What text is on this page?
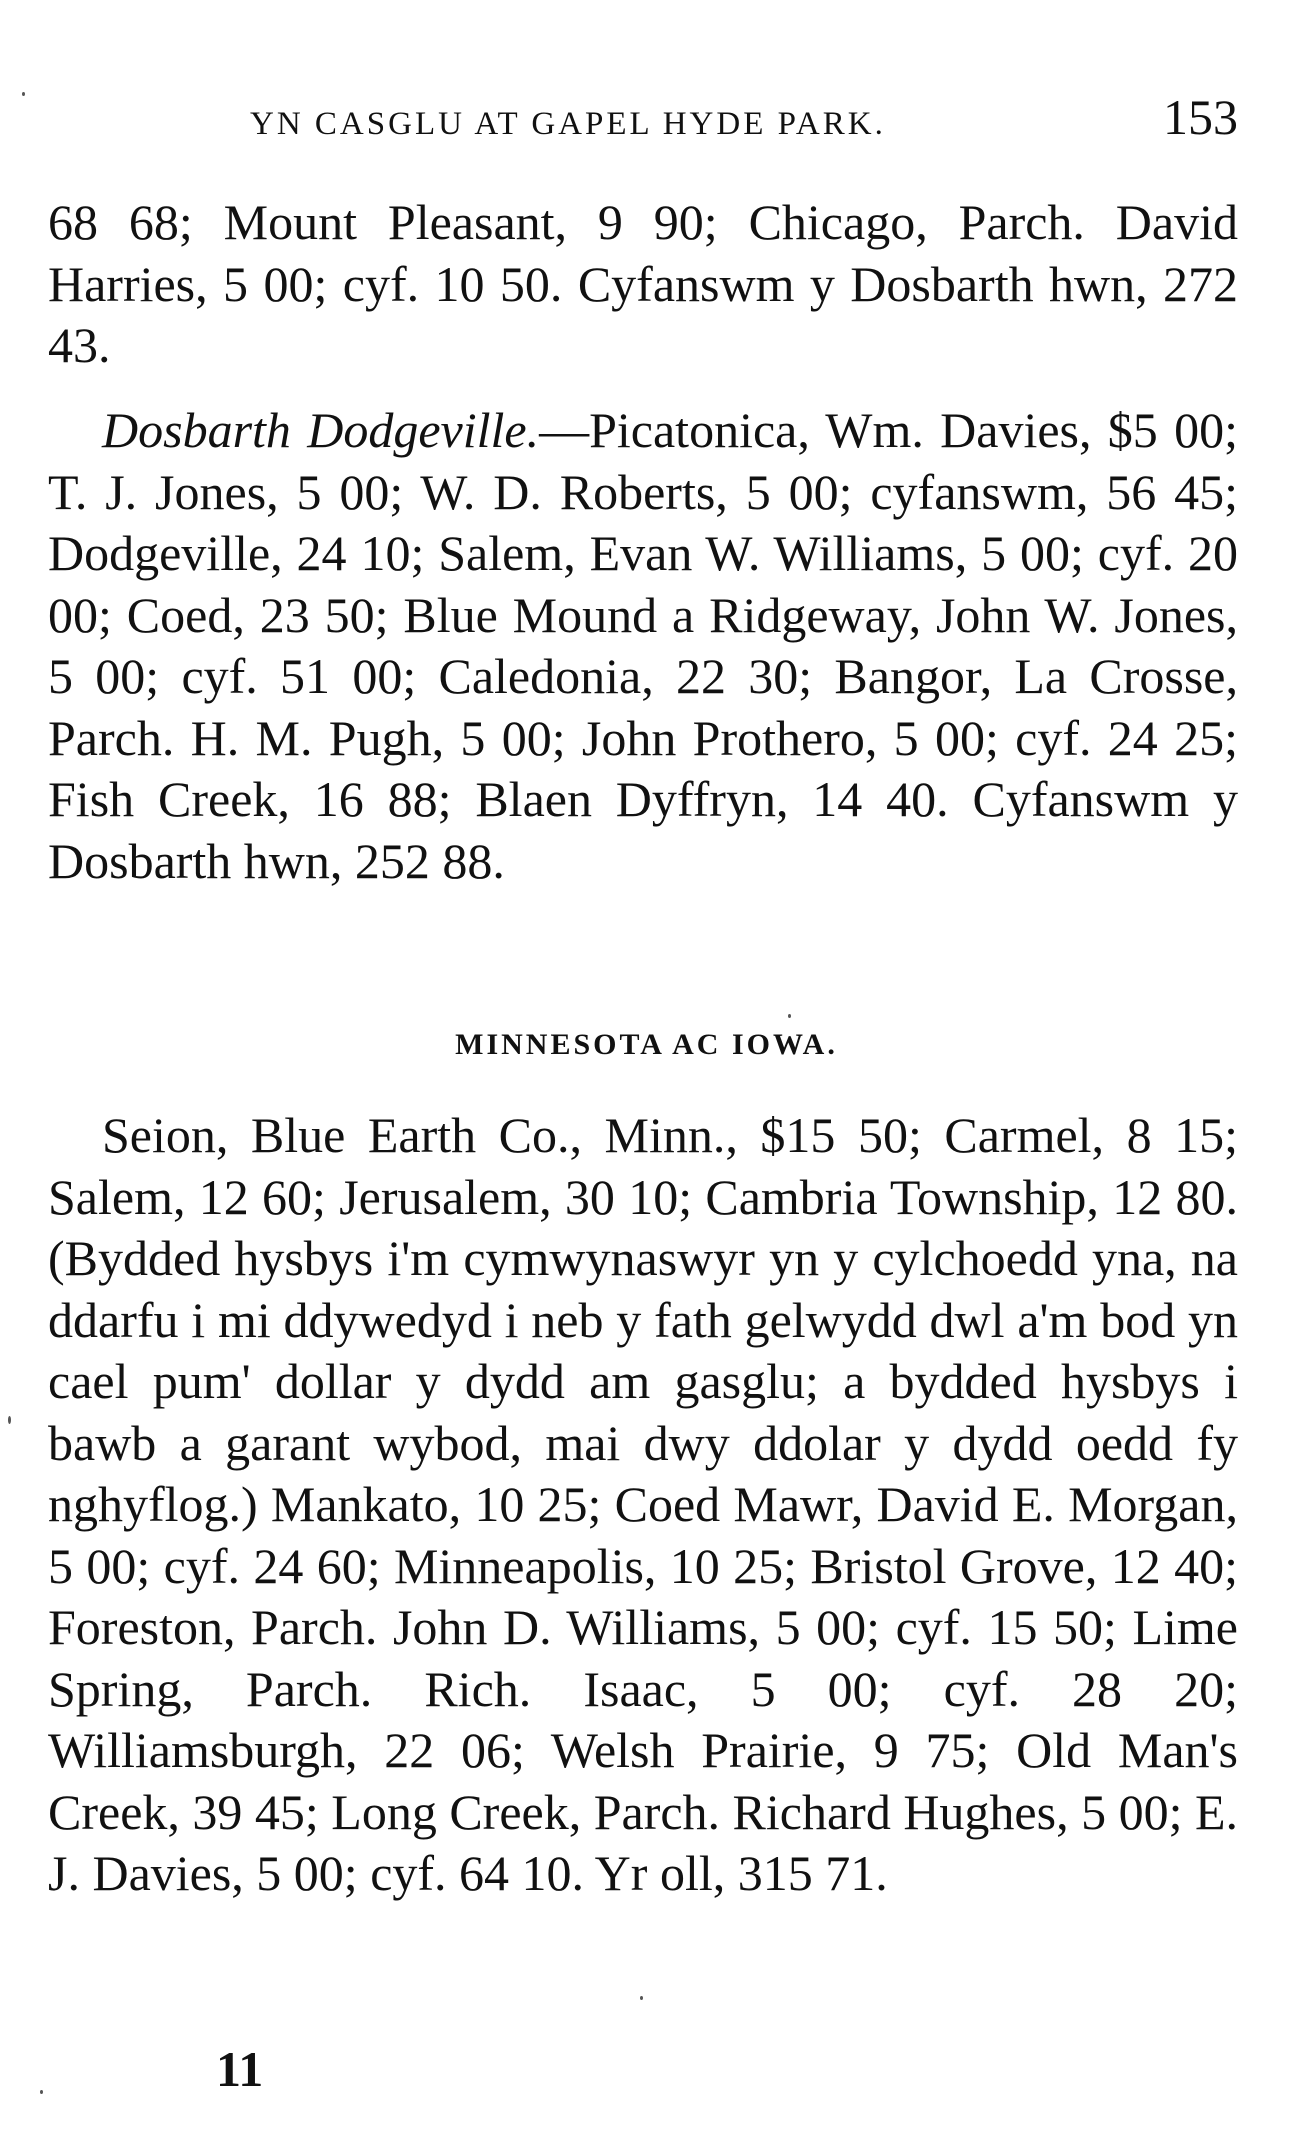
YN CASGLU AT GAPEL HYDE PARK.	153

68 68; Mount Pleasant, 9 90; Chicago, Parch. David Harries, 5 00; cyf. 10 50. Cyfanswm y Dosbarth hwn, 272 43.

Dosbarth Dodgeville.—Picatonica, Wm. Davies, $5 00; T. J. Jones, 5 00; W. D. Roberts, 5 00; cyfanswm, 56 45; Dodgeville, 24 10; Salem, Evan W. Williams, 5 00; cyf. 20 00; Coed, 23 50; Blue Mound a Ridgeway, John W. Jones, 5 00; cyf. 51 00; Caledonia, 22 30; Bangor, La Crosse, Parch. H. M. Pugh, 5 00; John Prothero, 5 00; cyf. 24 25; Fish Creek, 16 88; Blaen Dyffryn, 14 40. Cyfanswm y Dosbarth hwn, 252 88.

MINNESOTA AC IOWA.

Seion, Blue Earth Co., Minn., $15 50; Carmel, 8 15; Salem, 12 60; Jerusalem, 30 10; Cambria Township, 12 80. (Bydded hysbys i'm cymwynaswyr yn y cylchoedd yna, na ddarfu i mi ddywedyd i neb y fath gelwydd dwl a'm bod yn cael pum' dollar y dydd am gasglu; a bydded hysbys i bawb a garant wybod, mai dwy ddolar y dydd oedd fy nghyflog.) Mankato, 10 25; Coed Mawr, David E. Morgan, 5 00; cyf. 24 60; Minneapolis, 10 25; Bristol Grove, 12 40; Foreston, Parch. John D. Williams, 5 00; cyf. 15 50; Lime Spring, Parch. Rich. Isaac, 5 00; cyf. 28 20; Williamsburgh, 22 06; Welsh Prairie, 9 75; Old Man's Creek, 39 45; Long Creek, Parch. Richard Hughes, 5 00; E. J. Davies, 5 00; cyf. 64 10. Yr oll, 315 71.

11
